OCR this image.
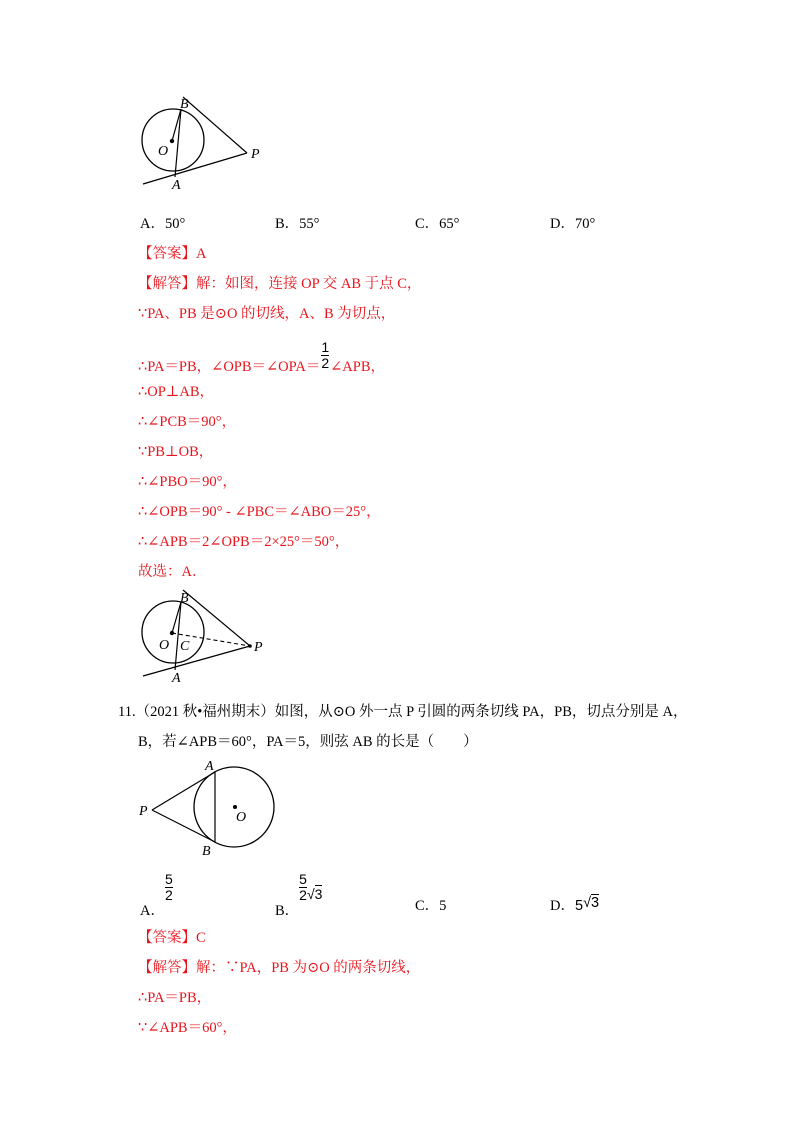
B
O	P
A
A．50°	B．55°	C．65°	D．70°
【答案】A
【解答】解：如图，连接 OP 交 AB 于点 C，
∵PA、PB 是⊙O 的切线，A、B 为切点，
∴PA＝PB，∠OPB＝∠OPA＝ $\frac{1}{2}$ ∠APB，
∴OP⊥AB，
∴∠PCB＝90°，
∵PB⊥OB，
∴∠PBO＝90°，
∴∠OPB＝90° - ∠PBC＝∠ABO＝25°，
∴∠APB＝2∠OPB＝2×25°＝50°，
故选：A．
B
O C	P
A
11.（2021 秋•福州期末）如图，从⊙O 外一点 P 引圆的两条切线 PA，PB，切点分别是 A，
B，若∠APB＝60°，PA＝5，则弦 AB 的长是（　　）
A
P	O
B
A．
$\frac{5}{2}$
B．
$\frac{5}{2} √3$
C．5	D．5√3
【答案】C
【解答】解：∵PA，PB 为⊙O 的两条切线，
∴PA＝PB，
∵∠APB＝60°，
